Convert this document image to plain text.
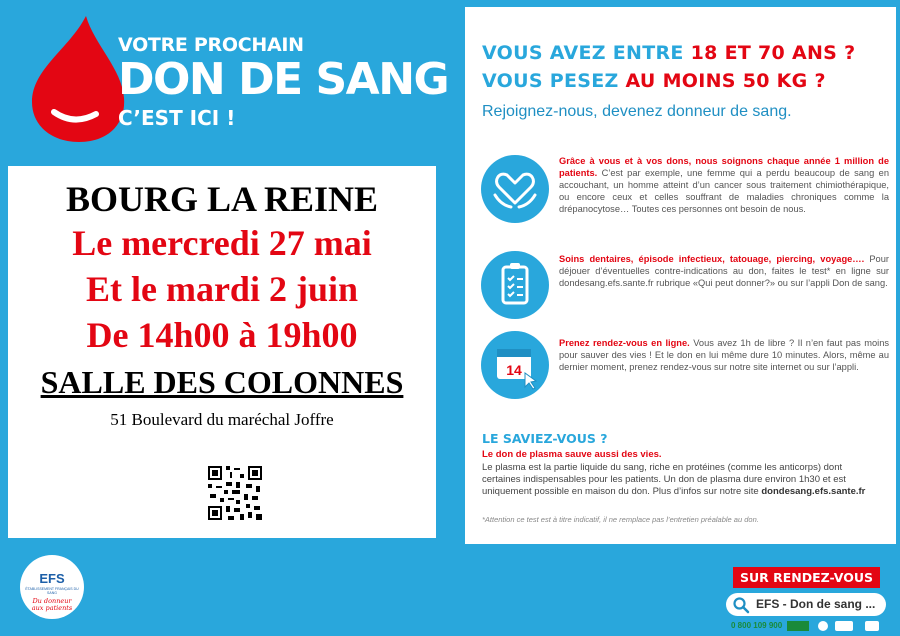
VOTRE PROCHAIN
DON DE SANG
C’EST ICI !
BOURG LA REINE
Le mercredi 27 mai
Et le mardi 2 juin
De 14h00 à 19h00
SALLE DES COLONNES
51 Boulevard du maréchal Joffre
VOUS AVEZ ENTRE 18 ET 70 ANS ?
VOUS PESEZ AU MOINS 50 KG ?
Rejoignez-nous, devenez donneur de sang.
Grâce à vous et à vos dons, nous soignons chaque année 1 million de patients. C’est par exemple, une femme qui a perdu beaucoup de sang en accouchant, un homme atteint d’un cancer sous traitement chimiothérapique, ou encore ceux et celles souffrant de maladies chroniques comme la drépanocytose… Toutes ces personnes ont besoin de nous.
Soins dentaires, épisode infectieux, tatouage, piercing, voyage…. Pour déjouer d’éventuelles contre-indications au don, faites le test* en ligne sur dondesang.efs.sante.fr rubrique «Qui peut donner?» ou sur l’appli Don de sang.
14
Prenez rendez-vous en ligne. Vous avez 1h de libre ? Il n’en faut pas moins pour sauver des vies ! Et le don en lui même dure 10 minutes. Alors, même au dernier moment, prenez rendez-vous sur notre site internet ou sur l’appli.
LE SAVIEZ-VOUS ?
Le don de plasma sauve aussi des vies.
Le plasma est la partie liquide du sang, riche en protéines (comme les anticorps) dont certaines indispensables pour les patients. Un don de plasma dure environ 1h30 et est uniquement possible en maison du don. Plus d’infos sur notre site dondesang.efs.sante.fr
*Attention ce test est à titre indicatif, il ne remplace pas l’entretien préalable au don.
EFS
ÉTABLISSEMENT FRANÇAIS DU SANG
Du donneur
aux patients
SUR RENDEZ-VOUS
EFS - Don de sang ...
0 800 109 900
